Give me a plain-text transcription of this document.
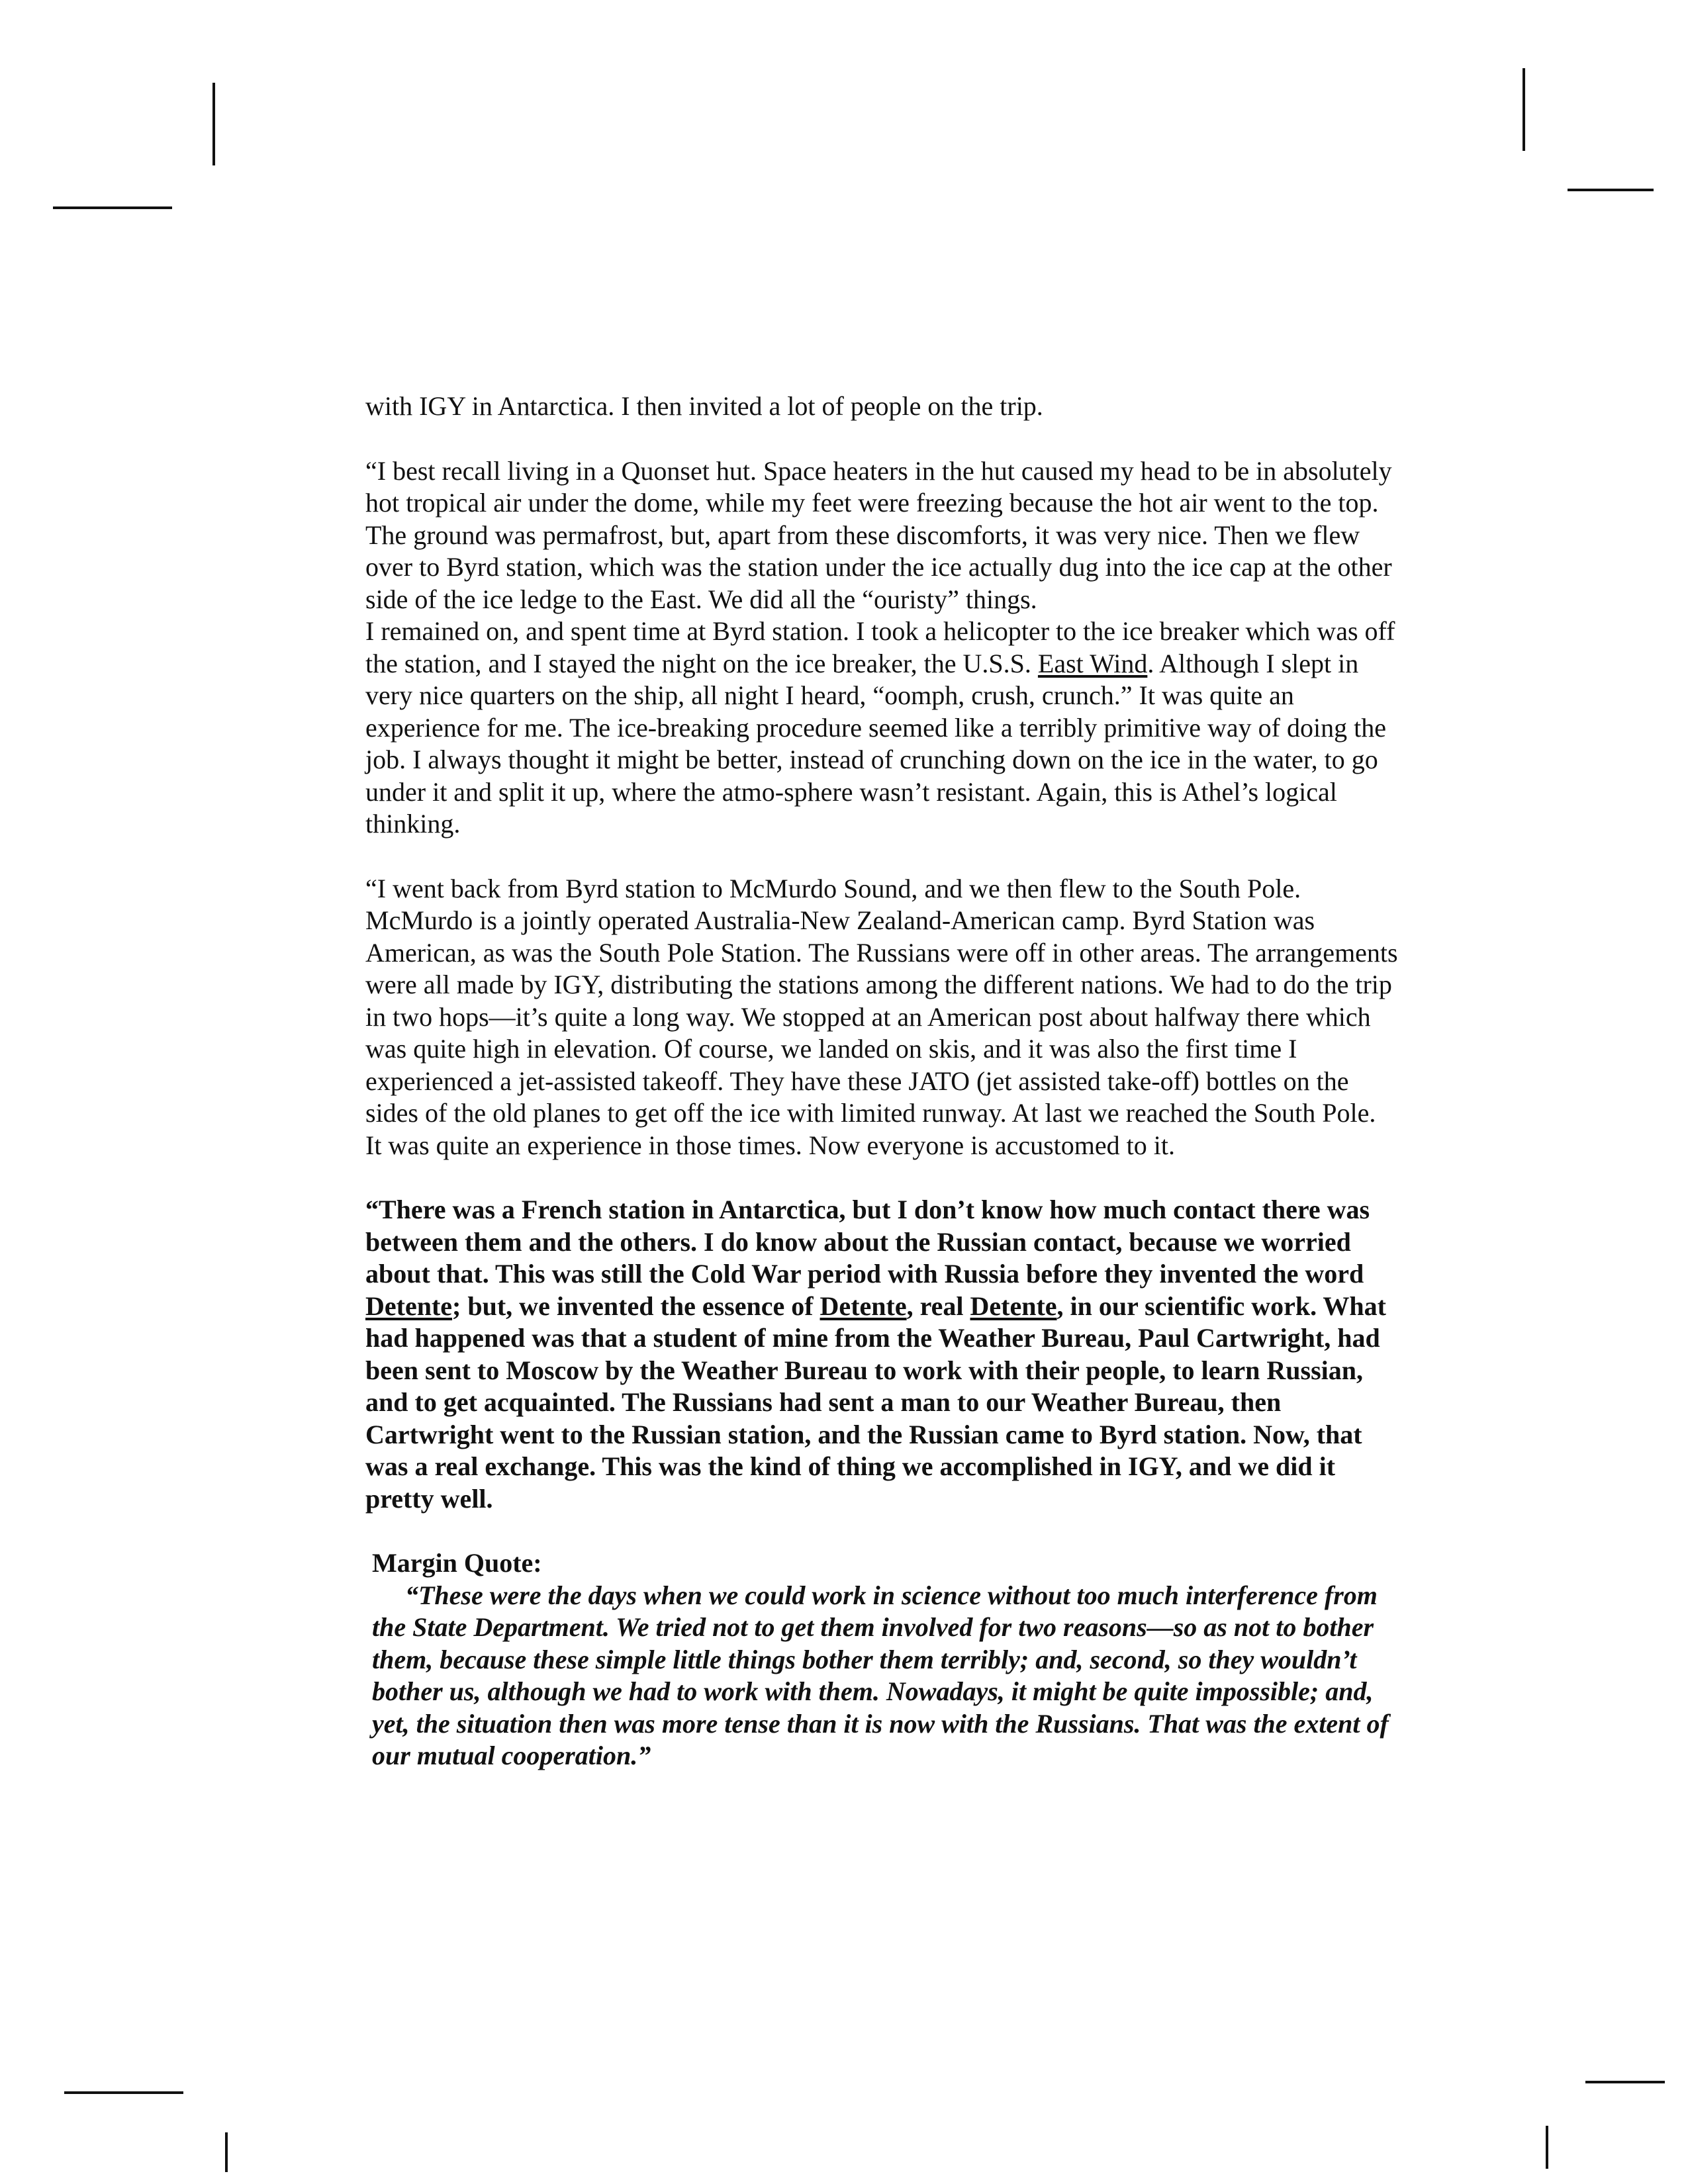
with IGY in Antarctica. I then invited a lot of people on the trip.

“I best recall living in a Quonset hut. Space heaters in the hut caused my head to be in absolutely hot tropical air under the dome, while my feet were freezing because the hot air went to the top. The ground was permafrost, but, apart from these discomforts, it was very nice. Then we flew over to Byrd station, which was the station under the ice actually dug into the ice cap at the other side of the ice ledge to the East. We did all the “ouristy” things.

I remained on, and spent time at Byrd station. I took a helicopter to the ice breaker which was off the station, and I stayed the night on the ice breaker, the U.S.S. East Wind. Although I slept in very nice quarters on the ship, all night I heard, “oomph, crush, crunch.” It was quite an experience for me. The ice-breaking procedure seemed like a terribly primitive way of doing the job. I always thought it might be better, instead of crunching down on the ice in the water, to go under it and split it up, where the atmo-sphere wasn’t resistant. Again, this is Athel’s logical thinking.

“I went back from Byrd station to McMurdo Sound, and we then flew to the South Pole. McMurdo is a jointly operated Australia-New Zealand-American camp. Byrd Station was American, as was the South Pole Station. The Russians were off in other areas. The arrangements were all made by IGY, distributing the stations among the different nations. We had to do the trip in two hops—it’s quite a long way. We stopped at an American post about halfway there which was quite high in elevation. Of course, we landed on skis, and it was also the first time I experienced a jet-assisted takeoff. They have these JATO (jet assisted take-off) bottles on the sides of the old planes to get off the ice with limited runway. At last we reached the South Pole. It was quite an experience in those times. Now everyone is accustomed to it.

“There was a French station in Antarctica, but I don’t know how much contact there was between them and the others. I do know about the Russian contact, because we worried about that. This was still the Cold War period with Russia before they invented the word Detente; but, we invented the essence of Detente, real Detente, in our scientific work. What had happened was that a student of mine from the Weather Bureau, Paul Cartwright, had been sent to Moscow by the Weather Bureau to work with their people, to learn Russian, and to get acquainted. The Russians had sent a man to our Weather Bureau, then Cartwright went to the Russian station, and the Russian came to Byrd station. Now, that was a real exchange. This was the kind of thing we accomplished in IGY, and we did it pretty well.

Margin Quote:

“These were the days when we could work in science without too much interference from the State Department. We tried not to get them involved for two reasons—so as not to bother them, because these simple little things bother them terribly; and, second, so they wouldn’t bother us, although we had to work with them. Nowadays, it might be quite impossible; and, yet, the situation then was more tense than it is now with the Russians. That was the extent of our mutual cooperation.”
